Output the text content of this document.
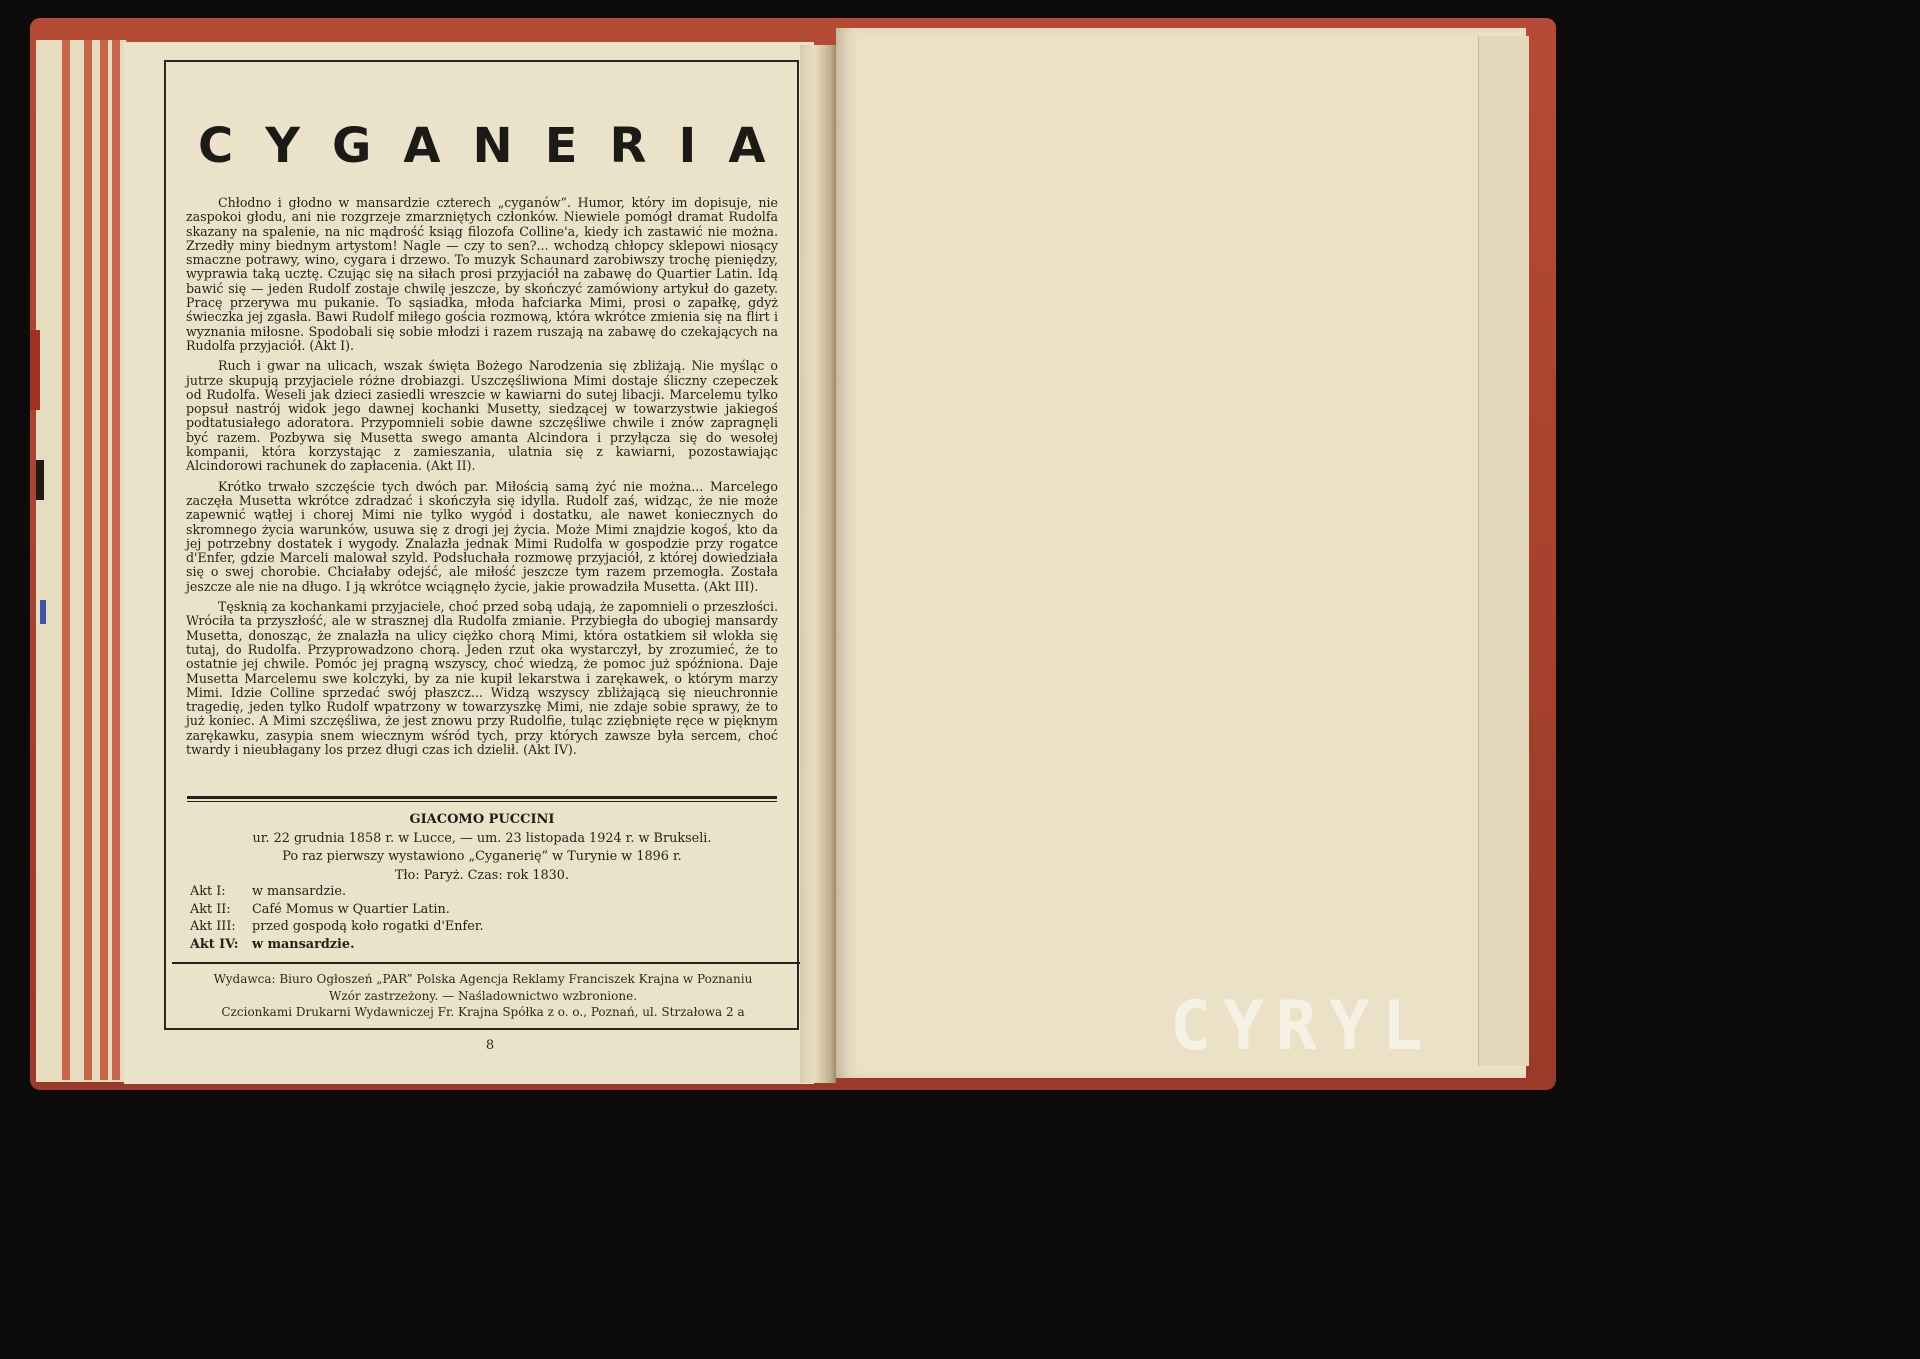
CYGANERIA

Chłodno i głodno w mansardzie czterech „cyganów”. Humor, który im dopisuje, nie zaspokoi głodu, ani nie rozgrzeje zmarzniętych członków. Niewiele pomógł dramat Rudolfa skazany na spalenie, na nic mądrość ksiąg filozofa Colline'a, kiedy ich zastawić nie można. Zrzedły miny biednym artystom! Nagle — czy to sen?... wchodzą chłopcy sklepowi niosący smaczne potrawy, wino, cygara i drzewo. To muzyk Schaunard zarobiwszy trochę pieniędzy, wyprawia taką ucztę. Czując się na siłach prosi przyjaciół na zabawę do Quartier Latin. Idą bawić się — jeden Rudolf zostaje chwilę jeszcze, by skończyć zamówiony artykuł do gazety. Pracę przerywa mu pukanie. To sąsiadka, młoda hafciarka Mimi, prosi o zapałkę, gdyż świeczka jej zgasła. Bawi Rudolf miłego gościa rozmową, która wkrótce zmienia się na flirt i wyznania miłosne. Spodobali się sobie młodzi i razem ruszają na zabawę do czekających na Rudolfa przyjaciół. (Akt I).

Ruch i gwar na ulicach, wszak święta Bożego Narodzenia się zbliżają. Nie myśląc o jutrze skupują przyjaciele różne drobiazgi. Uszczęśliwiona Mimi dostaje śliczny czepeczek od Rudolfa. Weseli jak dzieci zasiedli wreszcie w kawiarni do sutej libacji. Marcelemu tylko popsuł nastrój widok jego dawnej kochanki Musetty, siedzącej w towarzystwie jakiegoś podtatusiałego adoratora. Przypomnieli sobie dawne szczęśliwe chwile i znów zapragnęli być razem. Pozbywa się Musetta swego amanta Alcindora i przyłącza się do wesołej kompanii, która korzystając z zamieszania, ulatnia się z kawiarni, pozostawiając Alcindorowi rachunek do zapłacenia. (Akt II).

Krótko trwało szczęście tych dwóch par. Miłością samą żyć nie można... Marcelego zaczęła Musetta wkrótce zdradzać i skończyła się idylla. Rudolf zaś, widząc, że nie może zapewnić wątłej i chorej Mimi nie tylko wygód i dostatku, ale nawet koniecznych do skromnego życia warunków, usuwa się z drogi jej życia. Może Mimi znajdzie kogoś, kto da jej potrzebny dostatek i wygody. Znalazła jednak Mimi Rudolfa w gospodzie przy rogatce d'Enfer, gdzie Marceli malował szyld. Podsłuchała rozmowę przyjaciół, z której dowiedziała się o swej chorobie. Chciałaby odejść, ale miłość jeszcze tym razem przemogła. Została jeszcze ale nie na długo. I ją wkrótce wciągnęło życie, jakie prowadziła Musetta. (Akt III).

Tęsknią za kochankami przyjaciele, choć przed sobą udają, że zapomnieli o przeszłości. Wróciła ta przyszłość, ale w strasznej dla Rudolfa zmianie. Przybiegła do ubogiej mansardy Musetta, donosząc, że znalazła na ulicy ciężko chorą Mimi, która ostatkiem sił wlokła się tutaj, do Rudolfa. Przyprowadzono chorą. Jeden rzut oka wystarczył, by zrozumieć, że to ostatnie jej chwile. Pomóc jej pragną wszyscy, choć wiedzą, że pomoc już spóźniona. Daje Musetta Marcelemu swe kolczyki, by za nie kupił lekarstwa i zarękawek, o którym marzy Mimi. Idzie Colline sprzedać swój płaszcz... Widzą wszyscy zbliżającą się nieuchronnie tragedię, jeden tylko Rudolf wpatrzony w towarzyszkę Mimi, nie zdaje sobie sprawy, że to już koniec. A Mimi szczęśliwa, że jest znowu przy Rudolfie, tuląc zziębnięte ręce w pięknym zarękawku, zasypia snem wiecznym wśród tych, przy których zawsze była sercem, choć twardy i nieubłagany los przez długi czas ich dzielił. (Akt IV).

GIACOMO PUCCINI
ur. 22 grudnia 1858 r. w Lucce, — um. 23 listopada 1924 r. w Brukseli.
Po raz pierwszy wystawiono „Cyganerię” w Turynie w 1896 r.
Tło: Paryż. Czas: rok 1830.
Akt I:	w mansardzie.
Akt II:	Café Momus w Quartier Latin.
Akt III:	przed gospodą koło rogatki d'Enfer.
Akt IV:	w mansardzie.
Wydawca: Biuro Ogłoszeń „PAR” Polska Agencja Reklamy Franciszek Krajna w Poznaniu
Wzór zastrzeżony. — Naśladownictwo wzbronione.
Czcionkami Drukarni Wydawniczej Fr. Krajna Spółka z o. o., Poznań, ul. Strzałowa 2 a
8	CYRYL
